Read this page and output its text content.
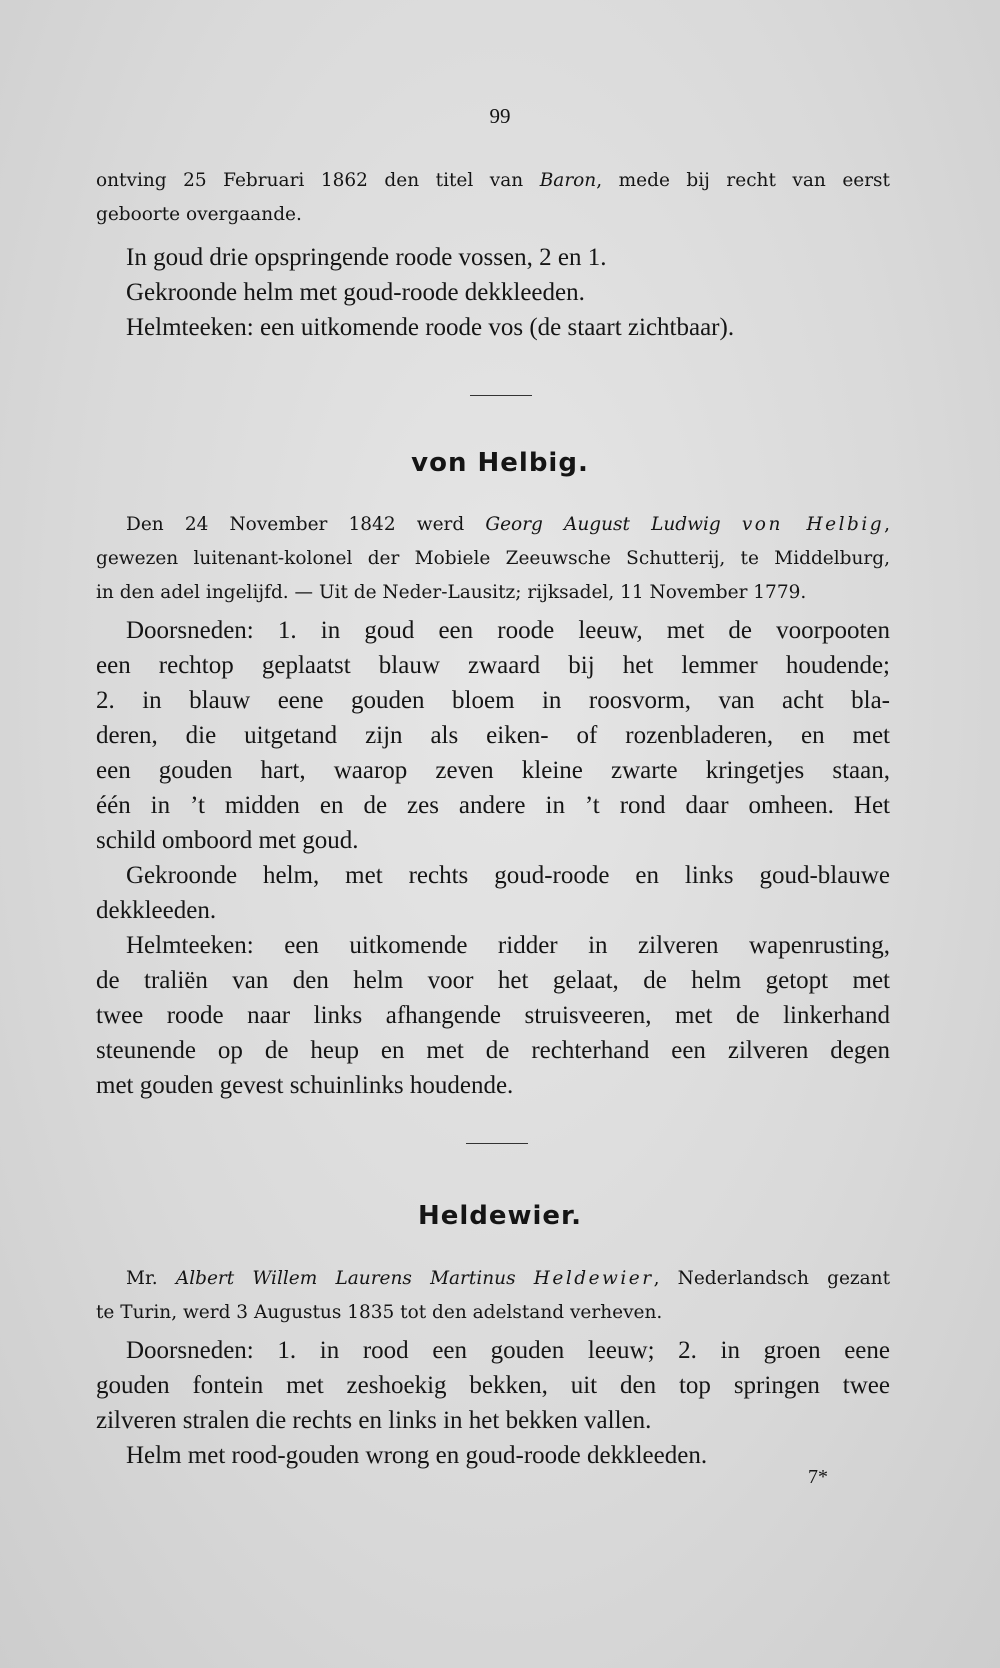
99
ontving 25 Februari 1862 den titel van Baron, mede bij recht van eerst
geboorte overgaande.
In goud drie opspringende roode vossen, 2 en 1.
Gekroonde helm met goud-roode dekkleeden.
Helmteeken: een uitkomende roode vos (de staart zichtbaar).
von Helbig.
Den 24 November 1842 werd Georg August Ludwig von Helbig,
gewezen luitenant-kolonel der Mobiele Zeeuwsche Schutterij, te Middelburg,
in den adel ingelijfd. — Uit de Neder-Lausitz; rijksadel, 11 November 1779.
Doorsneden: 1. in goud een roode leeuw, met de voorpooten
een rechtop geplaatst blauw zwaard bij het lemmer houdende;
2. in blauw eene gouden bloem in roosvorm, van acht bla-
deren, die uitgetand zijn als eiken- of rozenbladeren, en met
een gouden hart, waarop zeven kleine zwarte kringetjes staan,
één in ’t midden en de zes andere in ’t rond daar omheen. Het
schild omboord met goud.
Gekroonde helm, met rechts goud-roode en links goud-blauwe
dekkleeden.
Helmteeken: een uitkomende ridder in zilveren wapenrusting,
de traliën van den helm voor het gelaat, de helm getopt met
twee roode naar links afhangende struisveeren, met de linkerhand
steunende op de heup en met de rechterhand een zilveren degen
met gouden gevest schuinlinks houdende.
Heldewier.
Mr. Albert Willem Laurens Martinus Heldewier, Nederlandsch gezant
te Turin, werd 3 Augustus 1835 tot den adelstand verheven.
Doorsneden: 1. in rood een gouden leeuw; 2. in groen eene
gouden fontein met zeshoekig bekken, uit den top springen twee
zilveren stralen die rechts en links in het bekken vallen.
Helm met rood-gouden wrong en goud-roode dekkleeden.
7*
